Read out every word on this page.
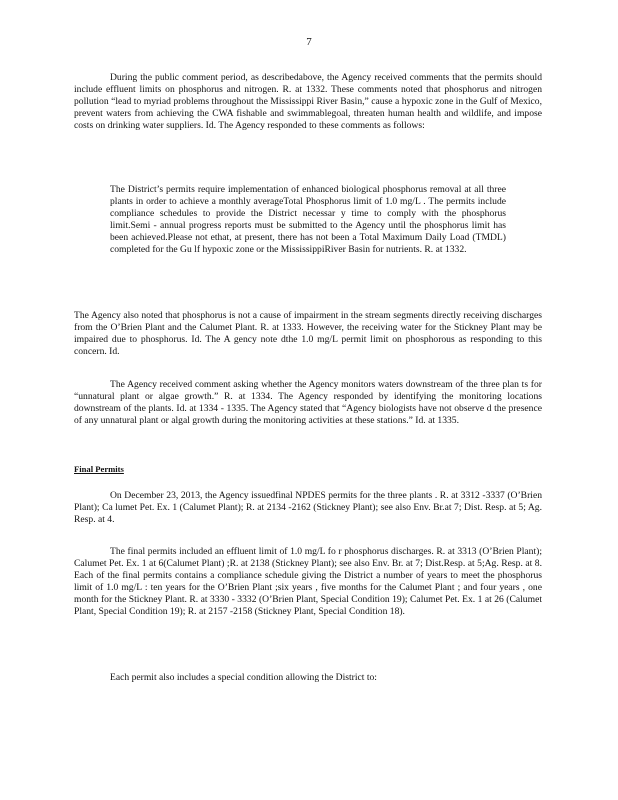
7

During the public comment period, as describedabove, the Agency received comments that the permits should include effluent limits on phosphorus and nitrogen. R. at 1332. These comments noted that phosphorus and nitrogen pollution “lead to myriad problems throughout the Mississippi River Basin,” cause a hypoxic zone in the Gulf of Mexico, prevent waters from achieving the CWA fishable and swimmablegoal, threaten human health and wildlife, and impose costs on drinking water suppliers. Id. The Agency responded to these comments as follows:

The District’s permits require implementation of enhanced biological phosphorus removal at all three plants in order to achieve a monthly averageTotal Phosphorus limit of 1.0 mg/L . The permits include compliance schedules to provide the District necessar y time to comply with the phosphorus limit.Semi - annual progress reports must be submitted to the Agency until the phosphorus limit has been achieved.Please not ethat, at present, there has not been a Total Maximum Daily Load (TMDL) completed for the Gu lf hypoxic zone or the MississippiRiver Basin for nutrients. R. at 1332.

The Agency also noted that phosphorus is not a cause of impairment in the stream segments directly receiving discharges from the O’Brien Plant and the Calumet Plant. R. at 1333. However, the receiving water for the Stickney Plant may be impaired due to phosphorus. Id. The A gency note dthe 1.0 mg/L permit limit on phosphorous as responding to this concern. Id.

The Agency received comment asking whether the Agency monitors waters downstream of the three plan ts for “unnatural plant or algae growth.” R. at 1334. The Agency responded by identifying the monitoring locations downstream of the plants. Id. at 1334 - 1335. The Agency stated that “Agency biologists have not observe d the presence of any unnatural plant or algal growth during the monitoring activities at these stations.” Id. at 1335.

Final Permits

On December 23, 2013, the Agency issuedfinal NPDES permits for the three plants . R. at 3312 -3337 (O’Brien Plant); Ca lumet Pet. Ex. 1 (Calumet Plant); R. at 2134 -2162 (Stickney Plant); see also Env. Br.at 7; Dist. Resp. at 5; Ag. Resp. at 4.

The final permits included an effluent limit of 1.0 mg/L fo r phosphorus discharges. R. at 3313 (O’Brien Plant); Calumet Pet. Ex. 1 at 6(Calumet Plant) ;R. at 2138 (Stickney Plant); see also Env. Br. at 7; Dist.Resp. at 5;Ag. Resp. at 8. Each of the final permits contains a compliance schedule giving the District a number of years to meet the phosphorus limit of 1.0 mg/L : ten years for the O’Brien Plant ;six years , five months for the Calumet Plant ; and four years , one month for the Stickney Plant. R. at 3330 - 3332 (O’Brien Plant, Special Condition 19); Calumet Pet. Ex. 1 at 26 (Calumet Plant, Special Condition 19); R. at 2157 -2158 (Stickney Plant, Special Condition 18).

Each permit also includes a special condition allowing the District to:
